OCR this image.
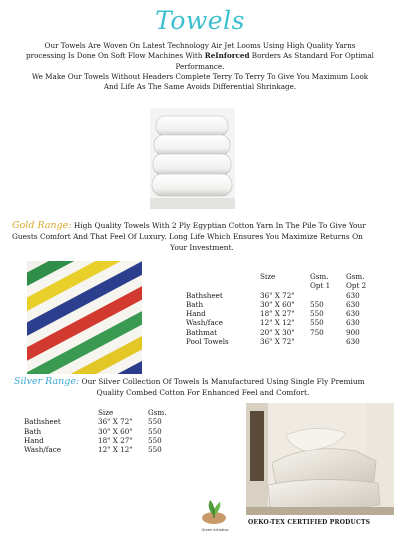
Towels
Our Towels Are Woven On Latest Technology Air Jet Looms Using High Quality Yarns
processing Is Done On Soft Flow Machines With ReInforced Borders As Standard For Optimal
Performance.
We Make Our Towels Without Headers Complete Terry To Terry To Give You Maximum Look
And Life As The Same Avoids Differential Shrinkage.
Gold Range: High Quality Towels With 2 Ply Egyptian Cotton Yarn In The Pile To Give Your
Guests Comfort And That Feel Of Luxury. Long Life Which Ensures You Maximize Returns On

Your Investment.
	Size	Gsm.	Gsm.
		Opt 1	Opt 2
Bathsheet	36" X 72"		630
Bath	30" X 60"	550	630
Hand	18" X 27"	550	630
Wash/face	12" X 12"	550	630
Bathmat	20" X 30"	750	900
Pool Towels	36" X 72"		630
Silver Range: Our Silver Collection Of Towels Is Manufactured Using Single Fly Premium

Quality Combed Cotton For Enhanced Feel and Comfort.
	Size	Gsm.
Bathsheet	36" X 72"	550
Bath	30" X 60"	550
Hand	18" X 27"	550
Wash/face	12" X 12"	550
Green Initiative
OEKO-TEX CERTIFIED PRODUCTS
